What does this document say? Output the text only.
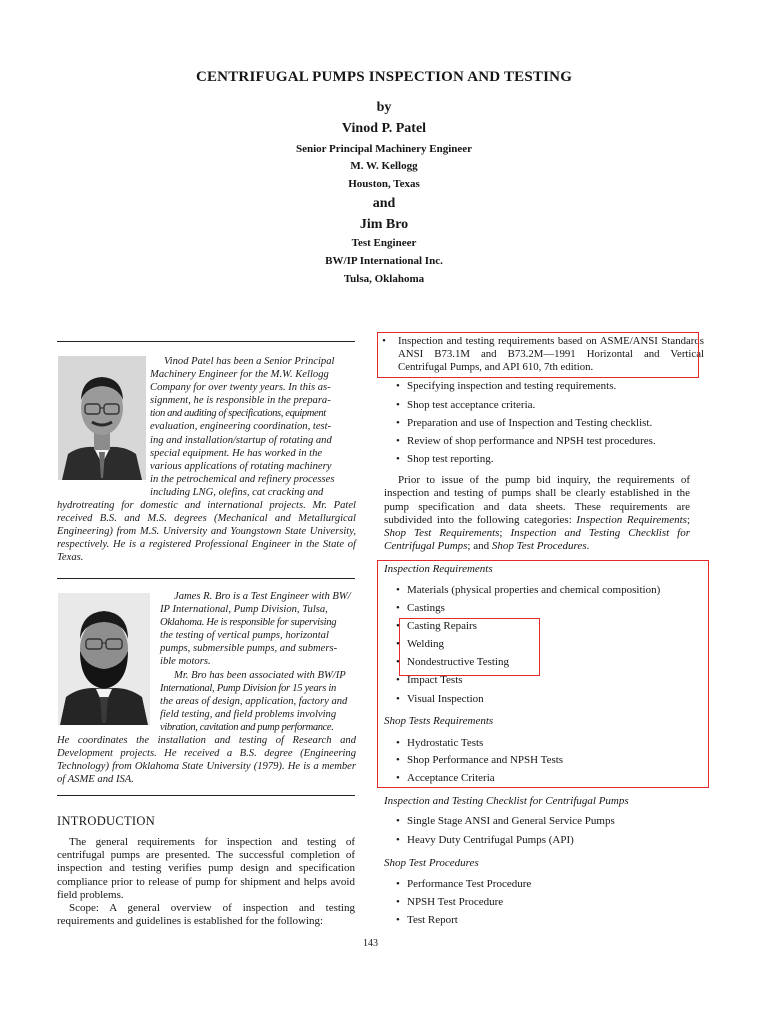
CENTRIFUGAL PUMPS INSPECTION AND TESTING
by
Vinod P. Patel
Senior Principal Machinery Engineer
M. W. Kellogg
Houston, Texas
and
Jim Bro
Test Engineer
BW/IP International Inc.
Tulsa, Oklahoma

Vinod Patel has been a Senior Principal

Machinery Engineer for the M.W. Kellogg
Company for over twenty years. In this as-
signment, he is responsible in the prepara-
tion and auditing of specifications, equipment
evaluation, engineering coordination, test-
ing and installation/startup of rotating and
special equipment. He has worked in the
various applications of rotating machinery
in the petrochemical and refinery processes
including LNG, olefins, cat cracking and
hydrotreating for domestic and international projects. Mr. Patel received B.S. and M.S. degrees (Mechanical and Metallurgical Engineering) from M.S. University and Youngstown State University, respectively. He is a registered Professional Engineer in the State of Texas.

James R. Bro is a Test Engineer with BW/

IP International, Pump Division, Tulsa,
Oklahoma. He is responsible for supervising
the testing of vertical pumps, horizontal
pumps, submersible pumps, and submers-
ible motors.

Mr. Bro has been associated with BW/IP

International, Pump Division for 15 years in
the areas of design, application, factory and
field testing, and field problems involving
vibration, cavitation and pump performance.
He coordinates the installation and testing of Research and Development projects. He received a B.S. degree (Engineering Technology) from Oklahoma State University (1979). He is a member of ASME and ISA.
INTRODUCTION

The general requirements for inspection and testing of centrifugal pumps are presented. The successful completion of inspection and testing verifies pump design and specification compliance prior to release of pump for shipment and helps avoid field problems.

Scope: A general overview of inspection and testing requirements and guidelines is established for the following:

• Inspection and testing requirements based on ASME/ANSI Standards ANSI B73.1M and B73.2M—1991 Horizontal and Vertical Centrifugal Pumps, and API 610, 7th edition.
• Specifying inspection and testing requirements.
• Shop test acceptance criteria.
• Preparation and use of Inspection and Testing checklist.
• Review of shop performance and NPSH test procedures.
• Shop test reporting.

Prior to issue of the pump bid inquiry, the requirements of inspection and testing of pumps shall be clearly established in the pump specification and data sheets. These requirements are subdivided into the following categories: Inspection Requirements; Shop Test Requirements; Inspection and Testing Checklist for Centrifugal Pumps; and Shop Test Procedures.

Inspection Requirements
• Materials (physical properties and chemical composition)
• Castings
• Casting Repairs
• Welding
• Nondestructive Testing
• Impact Tests
• Visual Inspection
Shop Tests Requirements
• Hydrostatic Tests
• Shop Performance and NPSH Tests
• Acceptance Criteria
Inspection and Testing Checklist for Centrifugal Pumps
• Single Stage ANSI and General Service Pumps
• Heavy Duty Centrifugal Pumps (API)
Shop Test Procedures
• Performance Test Procedure
• NPSH Test Procedure
• Test Report
143
